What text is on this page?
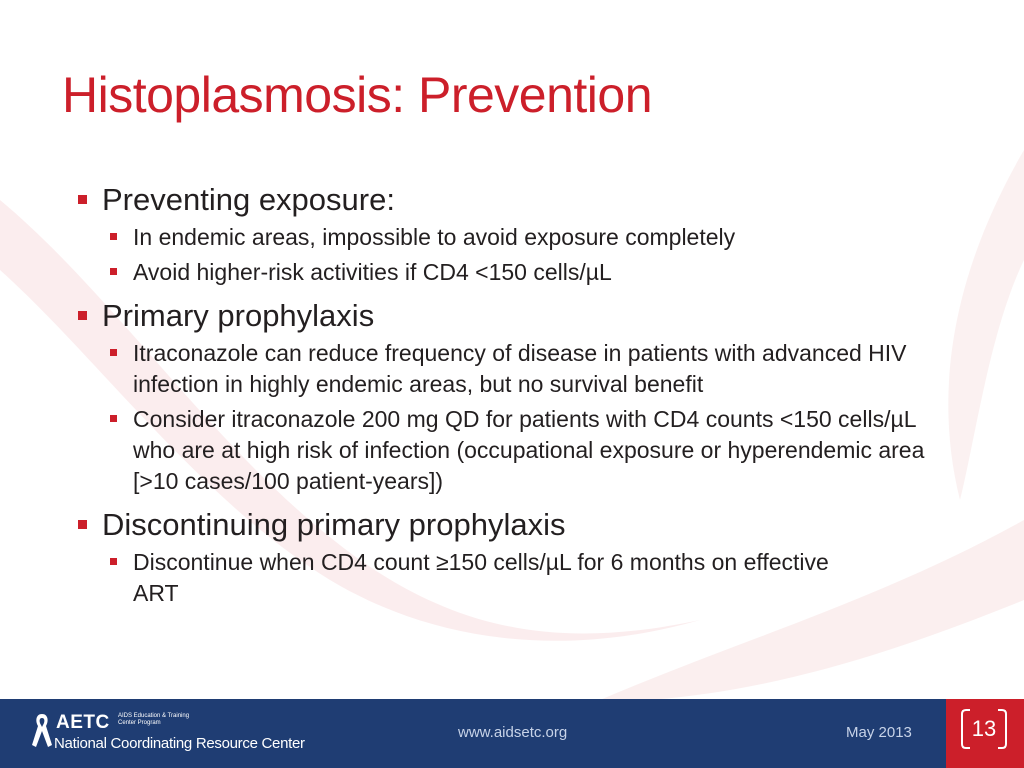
Histoplasmosis: Prevention
Preventing exposure:
In endemic areas, impossible to avoid exposure completely
Avoid higher-risk activities if CD4 <150 cells/µL
Primary prophylaxis
Itraconazole can reduce frequency of disease in patients with advanced HIV infection in highly endemic areas, but no survival benefit
Consider itraconazole 200 mg QD for patients with CD4 counts <150 cells/µL who are at high risk of infection (occupational exposure or hyperendemic area [>10 cases/100 patient-years])
Discontinuing primary prophylaxis
Discontinue when CD4 count ≥150 cells/µL for 6 months on effective ART
AETC AIDS Education & Training Center Program
National Coordinating Resource Center
www.aidsetc.org	May 2013	13
